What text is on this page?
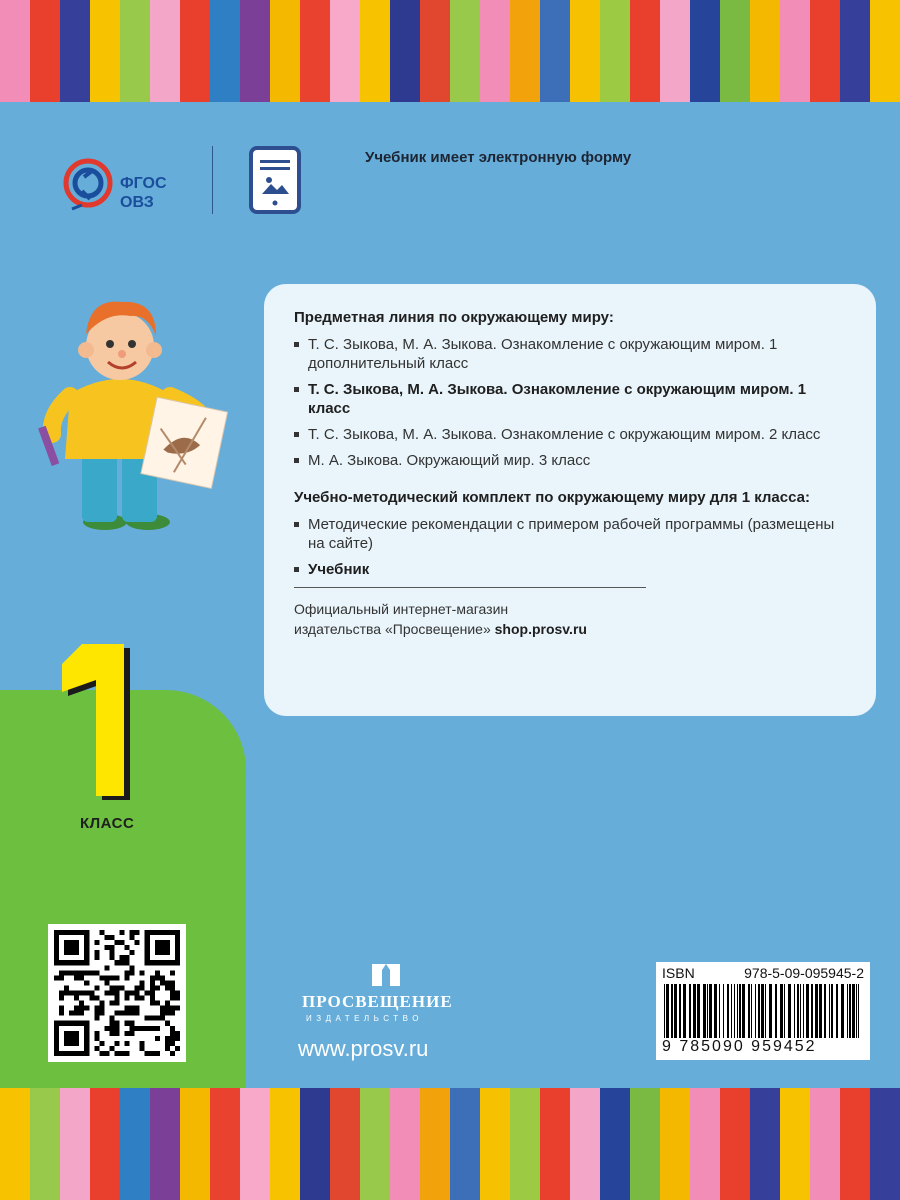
ФГОС
ОВЗ
Учебник имеет электронную форму
Предметная линия по окружающему миру:
Т. С. Зыкова, М. А. Зыкова. Ознакомление с окружающим миром. 1 дополнительный класс
Т. С. Зыкова, М. А. Зыкова. Ознакомление с окружающим миром. 1 класс
Т. С. Зыкова, М. А. Зыкова. Ознакомление с окружающим миром. 2 класс
М. А. Зыкова. Окружающий мир. 3 класс
Учебно-методический комплект по окружающему миру для 1 класса:
Методические рекомендации с примером рабочей программы (размещены на сайте)
Учебник
Официальный интернет-магазин
издательства «Просвещение» shop.prosv.ru
1
КЛАСС
ПРОСВЕЩЕНИЕ
ИЗДАТЕЛЬСТВО
www.prosv.ru
ISBN	978-5-09-095945-2
9 785090 959452
